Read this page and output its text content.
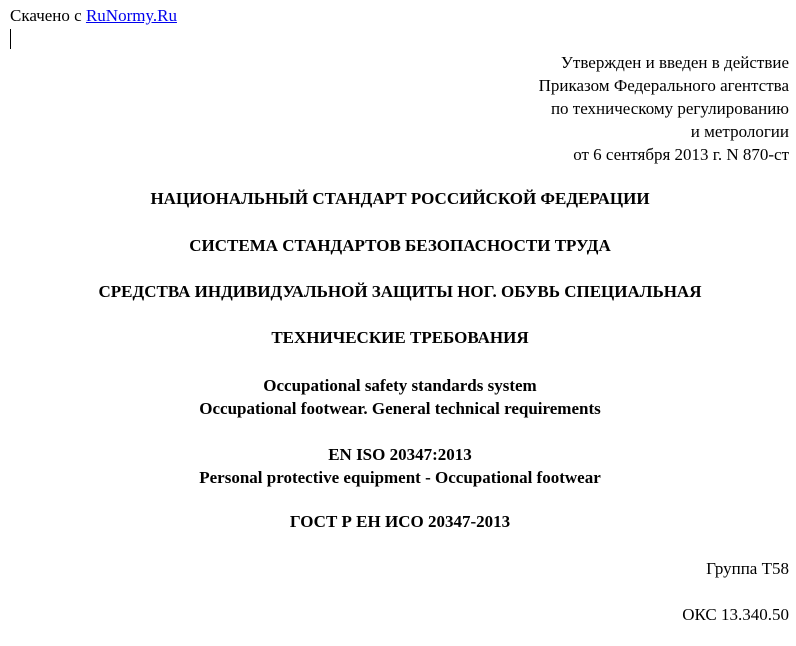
Скачено с RuNormy.Ru
Утвержден и введен в действие
Приказом Федерального агентства
по техническому регулированию
и метрологии
от 6 сентября 2013 г. N 870-ст
НАЦИОНАЛЬНЫЙ СТАНДАРТ РОССИЙСКОЙ ФЕДЕРАЦИИ
СИСТЕМА СТАНДАРТОВ БЕЗОПАСНОСТИ ТРУДА
СРЕДСТВА ИНДИВИДУАЛЬНОЙ ЗАЩИТЫ НОГ. ОБУВЬ СПЕЦИАЛЬНАЯ
ТЕХНИЧЕСКИЕ ТРЕБОВАНИЯ
Occupational safety standards system
Occupational footwear. General technical requirements
EN ISO 20347:2013
Personal protective equipment - Occupational footwear
ГОСТ Р ЕН ИСО 20347-2013
Группа Т58
ОКС 13.340.50
